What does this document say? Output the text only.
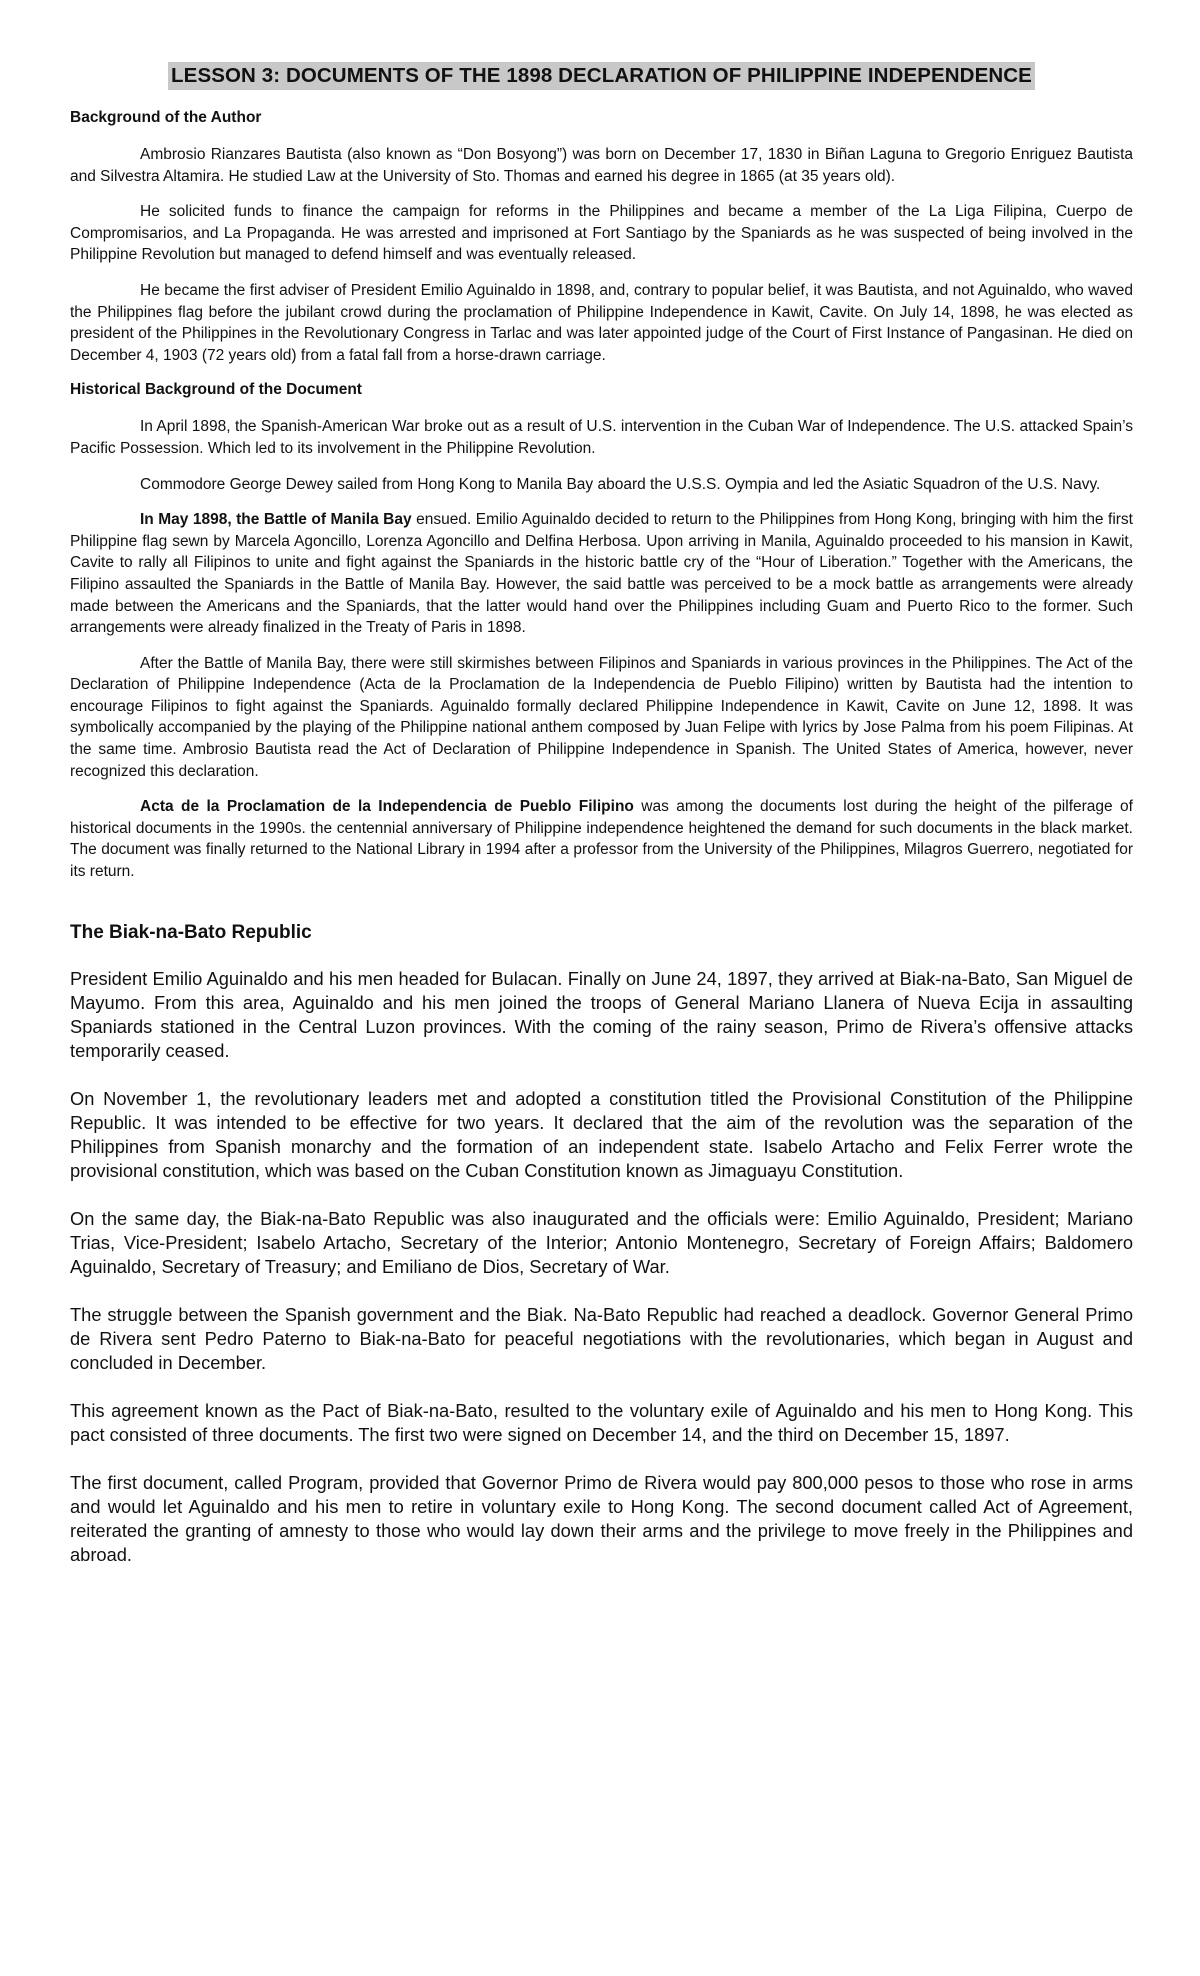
LESSON 3: DOCUMENTS OF THE 1898 DECLARATION OF PHILIPPINE INDEPENDENCE
Background of the Author

Ambrosio Rianzares Bautista (also known as “Don Bosyong”) was born on December 17, 1830 in Biñan Laguna to Gregorio Enriguez Bautista and Silvestra Altamira. He studied Law at the University of Sto. Thomas and earned his degree in 1865 (at 35 years old).

He solicited funds to finance the campaign for reforms in the Philippines and became a member of the La Liga Filipina, Cuerpo de Compromisarios, and La Propaganda. He was arrested and imprisoned at Fort Santiago by the Spaniards as he was suspected of being involved in the Philippine Revolution but managed to defend himself and was eventually released.

He became the first adviser of President Emilio Aguinaldo in 1898, and, contrary to popular belief, it was Bautista, and not Aguinaldo, who waved the Philippines flag before the jubilant crowd during the proclamation of Philippine Independence in Kawit, Cavite. On July 14, 1898, he was elected as president of the Philippines in the Revolutionary Congress in Tarlac and was later appointed judge of the Court of First Instance of Pangasinan. He died on December 4, 1903 (72 years old) from a fatal fall from a horse-drawn carriage.

Historical Background of the Document

In April 1898, the Spanish-American War broke out as a result of U.S. intervention in the Cuban War of Independence. The U.S. attacked Spain’s Pacific Possession. Which led to its involvement in the Philippine Revolution.

Commodore George Dewey sailed from Hong Kong to Manila Bay aboard the U.S.S. Oympia and led the Asiatic Squadron of the U.S. Navy.

In May 1898, the Battle of Manila Bay ensued. Emilio Aguinaldo decided to return to the Philippines from Hong Kong, bringing with him the first Philippine flag sewn by Marcela Agoncillo, Lorenza Agoncillo and Delfina Herbosa. Upon arriving in Manila, Aguinaldo proceeded to his mansion in Kawit, Cavite to rally all Filipinos to unite and fight against the Spaniards in the historic battle cry of the “Hour of Liberation.” Together with the Americans, the Filipino assaulted the Spaniards in the Battle of Manila Bay. However, the said battle was perceived to be a mock battle as arrangements were already made between the Americans and the Spaniards, that the latter would hand over the Philippines including Guam and Puerto Rico to the former. Such arrangements were already finalized in the Treaty of Paris in 1898.

After the Battle of Manila Bay, there were still skirmishes between Filipinos and Spaniards in various provinces in the Philippines. The Act of the Declaration of Philippine Independence (Acta de la Proclamation de la Independencia de Pueblo Filipino) written by Bautista had the intention to encourage Filipinos to fight against the Spaniards. Aguinaldo formally declared Philippine Independence in Kawit, Cavite on June 12, 1898. It was symbolically accompanied by the playing of the Philippine national anthem composed by Juan Felipe with lyrics by Jose Palma from his poem Filipinas. At the same time. Ambrosio Bautista read the Act of Declaration of Philippine Independence in Spanish. The United States of America, however, never recognized this declaration.

Acta de la Proclamation de la Independencia de Pueblo Filipino was among the documents lost during the height of the pilferage of historical documents in the 1990s. the centennial anniversary of Philippine independence heightened the demand for such documents in the black market. The document was finally returned to the National Library in 1994 after a professor from the University of the Philippines, Milagros Guerrero, negotiated for its return.

The Biak-na-Bato Republic

President Emilio Aguinaldo and his men headed for Bulacan. Finally on June 24, 1897, they arrived at Biak-na-Bato, San Miguel de Mayumo. From this area, Aguinaldo and his men joined the troops of General Mariano Llanera of Nueva Ecija in assaulting Spaniards stationed in the Central Luzon provinces. With the coming of the rainy season, Primo de Rivera’s offensive attacks temporarily ceased.

On November 1, the revolutionary leaders met and adopted a constitution titled the Provisional Constitution of the Philippine Republic. It was intended to be effective for two years. It declared that the aim of the revolution was the separation of the Philippines from Spanish monarchy and the formation of an independent state. Isabelo Artacho and Felix Ferrer wrote the provisional constitution, which was based on the Cuban Constitution known as Jimaguayu Constitution.

On the same day, the Biak-na-Bato Republic was also inaugurated and the officials were: Emilio Aguinaldo, President; Mariano Trias, Vice-President; Isabelo Artacho, Secretary of the Interior; Antonio Montenegro, Secretary of Foreign Affairs; Baldomero Aguinaldo, Secretary of Treasury; and Emiliano de Dios, Secretary of War.

The struggle between the Spanish government and the Biak. Na-Bato Republic had reached a deadlock. Governor General Primo de Rivera sent Pedro Paterno to Biak-na-Bato for peaceful negotiations with the revolutionaries, which began in August and concluded in December.

This agreement known as the Pact of Biak-na-Bato, resulted to the voluntary exile of Aguinaldo and his men to Hong Kong. This pact consisted of three documents. The first two were signed on December 14, and the third on December 15, 1897.

The first document, called Program, provided that Governor Primo de Rivera would pay 800,000 pesos to those who rose in arms and would let Aguinaldo and his men to retire in voluntary exile to Hong Kong. The second document called Act of Agreement, reiterated the granting of amnesty to those who would lay down their arms and the privilege to move freely in the Philippines and abroad.
